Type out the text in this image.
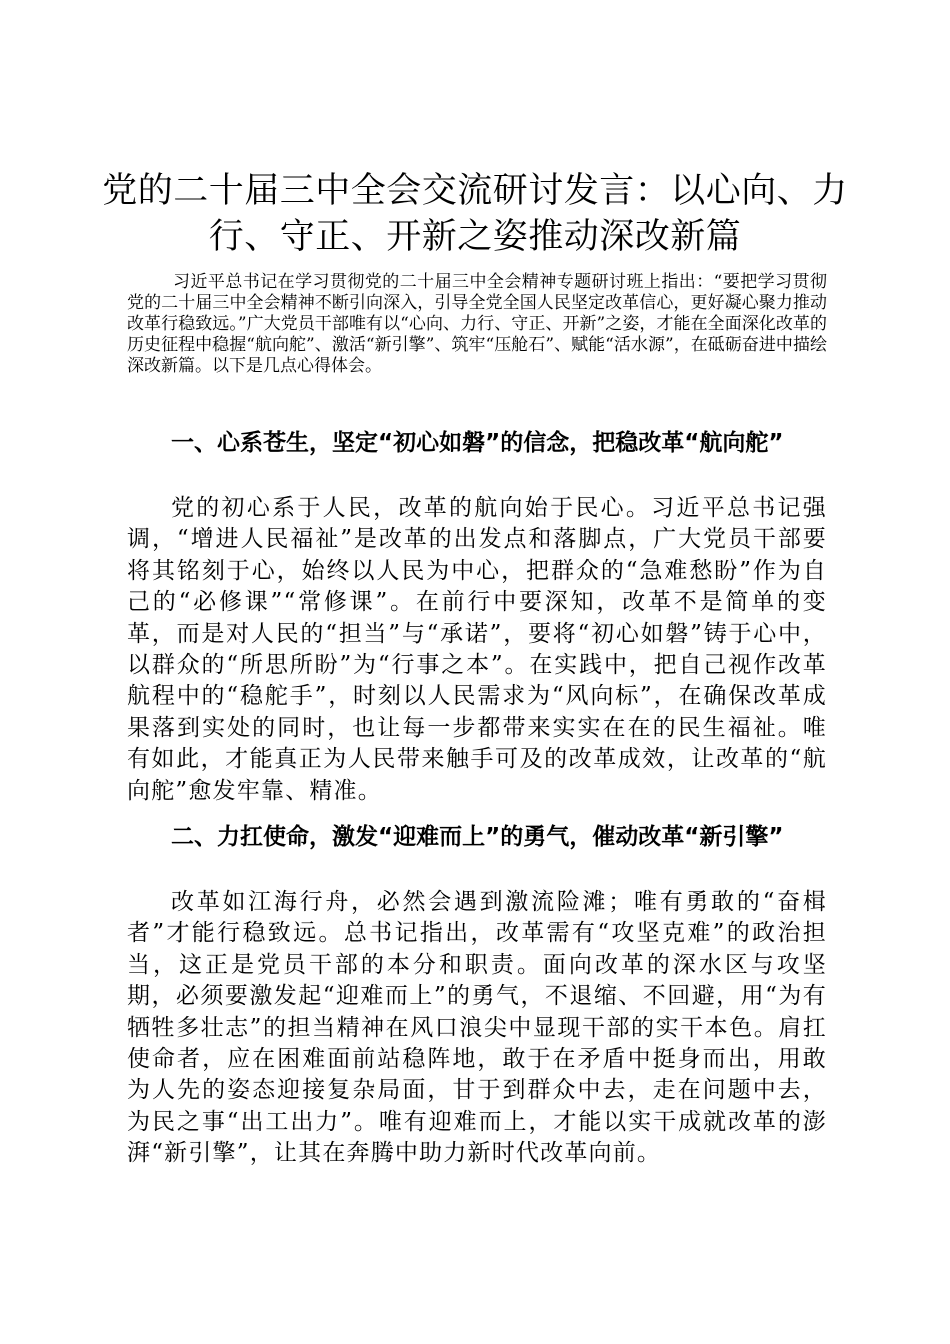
党的二十届三中全会交流研讨发言：以心向、力行、守正、开新之姿推动深改新篇

习近平总书记在学习贯彻党的二十届三中全会精神专题研讨班上指出：“要把学习贯彻党的二十届三中全会精神不断引向深入，引导全党全国人民坚定改革信心，更好凝心聚力推动改革行稳致远。”广大党员干部唯有以“心向、力行、守正、开新”之姿，才能在全面深化改革的历史征程中稳握“航向舵”、激活“新引擎”、筑牢“压舱石”、赋能“活水源”，在砥砺奋进中描绘深改新篇。以下是几点心得体会。

一、心系苍生，坚定“初心如磐”的信念，把稳改革“航向舵”

党的初心系于人民，改革的航向始于民心。习近平总书记强调，“增进人民福祉”是改革的出发点和落脚点，广大党员干部要将其铭刻于心，始终以人民为中心，把群众的“急难愁盼”作为自己的“必修课”“常修课”。在前行中要深知，改革不是简单的变革，而是对人民的“担当”与“承诺”，要将“初心如磐”铸于心中，以群众的“所思所盼”为“行事之本”。在实践中，把自己视作改革航程中的“稳舵手”，时刻以人民需求为“风向标”，在确保改革成果落到实处的同时，也让每一步都带来实实在在的民生福祉。唯有如此，才能真正为人民带来触手可及的改革成效，让改革的“航向舵”愈发牢靠、精准。

二、力扛使命，激发“迎难而上”的勇气，催动改革“新引擎”

改革如江海行舟，必然会遇到激流险滩；唯有勇敢的“奋楫者”才能行稳致远。总书记指出，改革需有“攻坚克难”的政治担当，这正是党员干部的本分和职责。面向改革的深水区与攻坚期，必须要激发起“迎难而上”的勇气，不退缩、不回避，用“为有牺牲多壮志”的担当精神在风口浪尖中显现干部的实干本色。肩扛使命者，应在困难面前站稳阵地，敢于在矛盾中挺身而出，用敢为人先的姿态迎接复杂局面，甘于到群众中去，走在问题中去，为民之事“出工出力”。唯有迎难而上，才能以实干成就改革的澎湃“新引擎”，让其在奔腾中助力新时代改革向前。
